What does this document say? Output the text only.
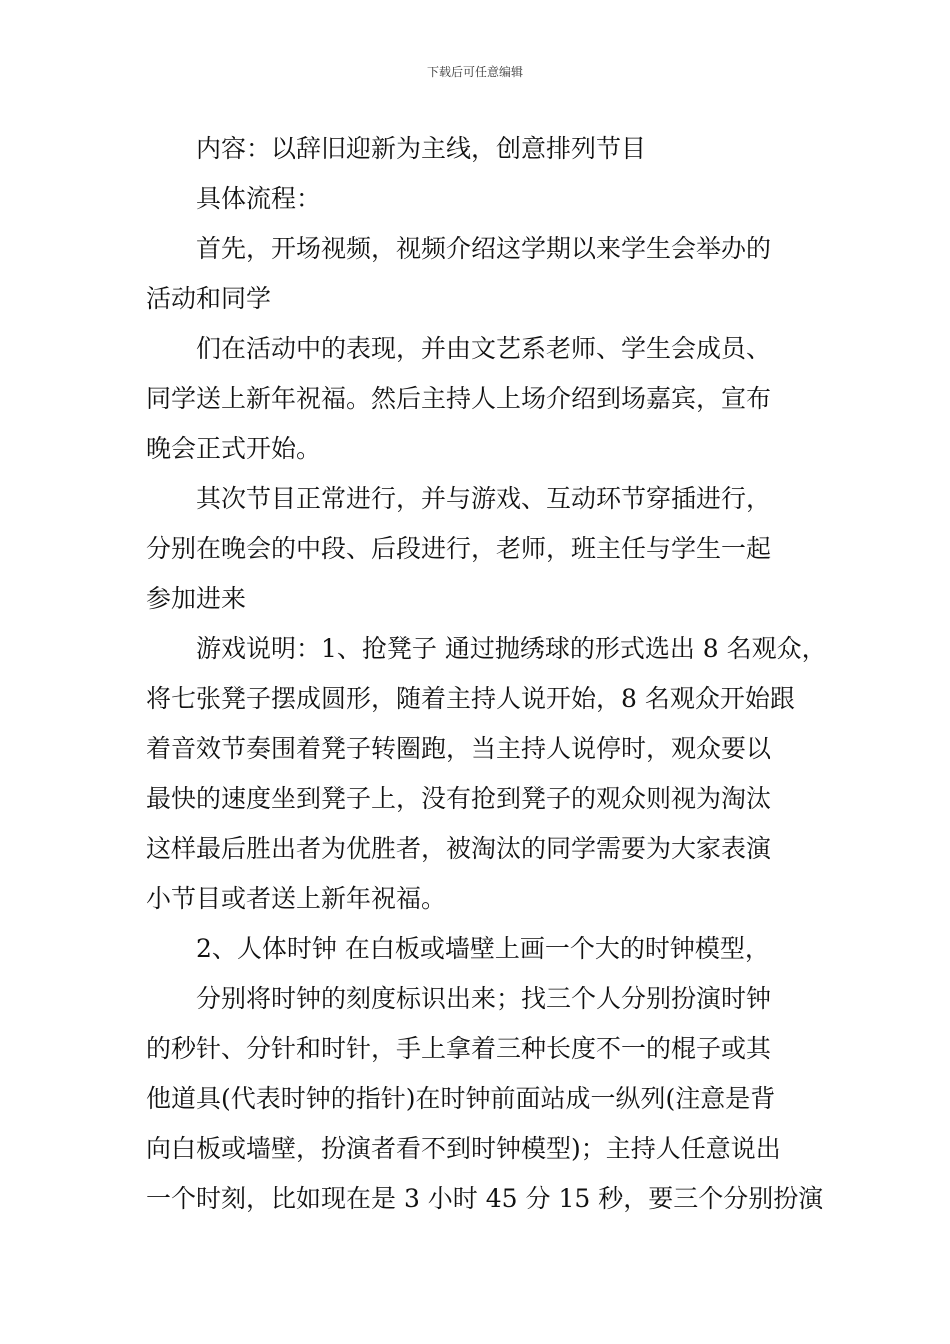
下载后可任意编辑
内容：以辞旧迎新为主线，创意排列节目
具体流程：
首先，开场视频，视频介绍这学期以来学生会举办的
活动和同学
们在活动中的表现，并由文艺系老师、学生会成员、
同学送上新年祝福。然后主持人上场介绍到场嘉宾，宣布
晚会正式开始。
其次节目正常进行，并与游戏、互动环节穿插进行，
分别在晚会的中段、后段进行，老师，班主任与学生一起
参加进来
游戏说明：1、抢凳子 通过抛绣球的形式选出 8 名观众，
将七张凳子摆成圆形，随着主持人说开始，8 名观众开始跟
着音效节奏围着凳子转圈跑，当主持人说停时，观众要以
最快的速度坐到凳子上，没有抢到凳子的观众则视为淘汰
这样最后胜出者为优胜者，被淘汰的同学需要为大家表演
小节目或者送上新年祝福。
2、人体时钟 在白板或墙壁上画一个大的时钟模型，
分别将时钟的刻度标识出来；找三个人分别扮演时钟
的秒针、分针和时针，手上拿着三种长度不一的棍子或其
他道具(代表时钟的指针)在时钟前面站成一纵列(注意是背
向白板或墙壁，扮演者看不到时钟模型)；主持人任意说出
一个时刻，比如现在是 3 小时 45 分 15 秒，要三个分别扮演
